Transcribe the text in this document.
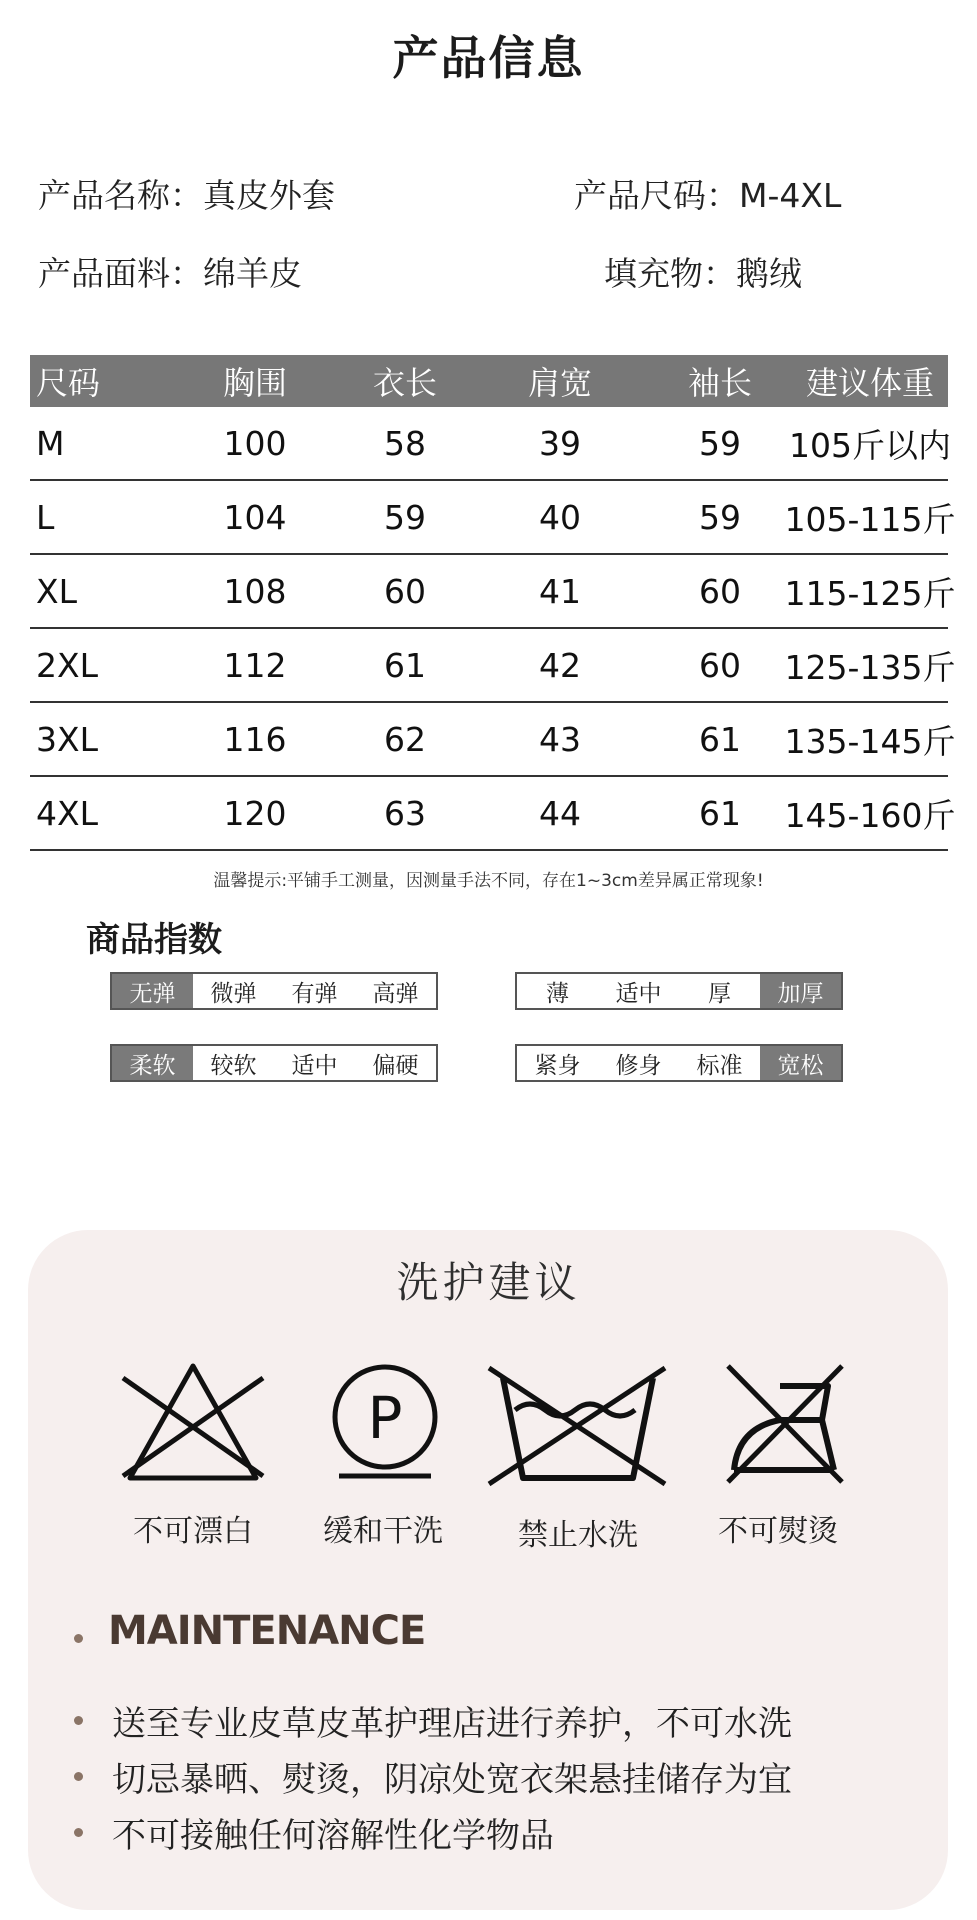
产品信息
产品名称：真皮外套	产品尺码：M-4XL
产品面料：绵羊皮	填充物：鹅绒
尺码	胸围	衣长	肩宽	袖长	建议体重
M	100	58	39	59	105斤以内
L	104	59	40	59	105-115斤
XL	108	60	41	60	115-125斤
2XL	112	61	42	60	125-135斤
3XL	116	62	43	61	135-145斤
4XL	120	63	44	61	145-160斤
温馨提示:平铺手工测量，因测量手法不同，存在1~3cm差异属正常现象!
商品指数
无弹	微弹	有弹	高弹	薄	适中	厚	加厚
柔软	较软	适中	偏硬	紧身	修身	标准	宽松
洗护建议
不可漂白
P
缓和干洗	禁止水洗	不可熨烫
MAINTENANCE
送至专业皮草皮革护理店进行养护，不可水洗
切忌暴晒、熨烫，阴凉处宽衣架悬挂储存为宜
不可接触任何溶解性化学物品
